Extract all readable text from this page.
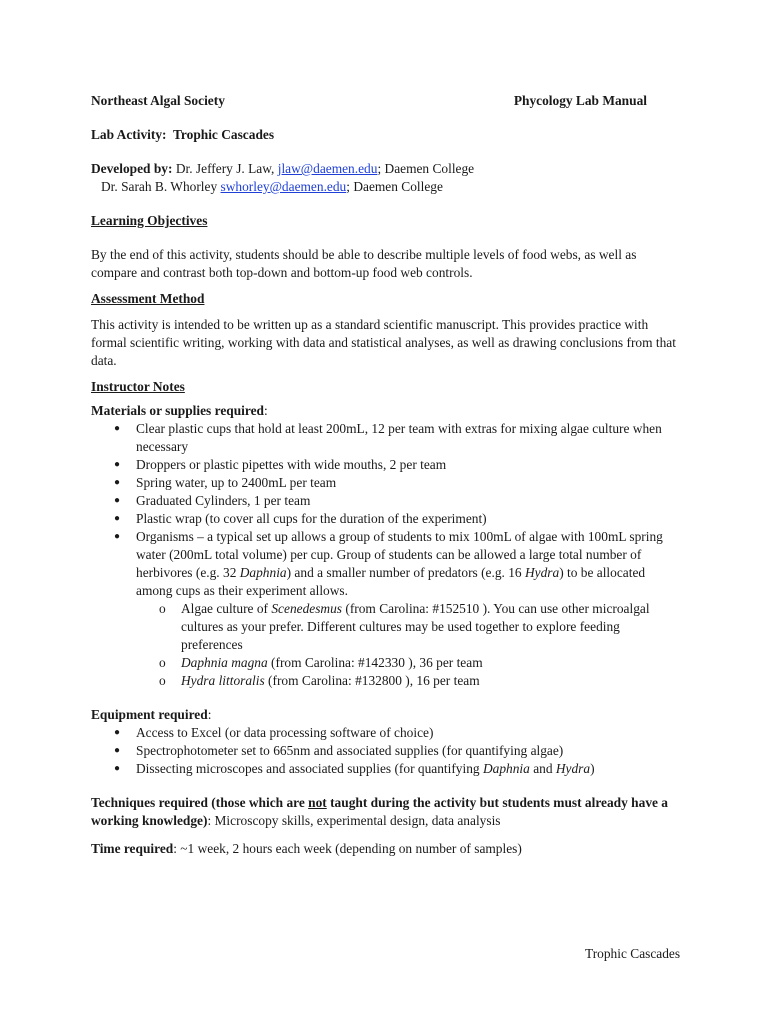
Northeast Algal Society	Phycology Lab Manual

Lab Activity: Trophic Cascades

Developed by: Dr. Jeffery J. Law, jlaw@daemen.edu; Daemen College

Dr. Sarah B. Whorley swhorley@daemen.edu; Daemen College

Learning Objectives

By the end of this activity, students should be able to describe multiple levels of food webs, as well as compare and contrast both top-down and bottom-up food web controls.

Assessment Method

This activity is intended to be written up as a standard scientific manuscript. This provides practice with formal scientific writing, working with data and statistical analyses, as well as drawing conclusions from that data.

Instructor Notes

Materials or supplies required:

● Clear plastic cups that hold at least 200mL, 12 per team with extras for mixing algae culture when necessary
● Droppers or plastic pipettes with wide mouths, 2 per team
● Spring water, up to 2400mL per team
● Graduated Cylinders, 1 per team
● Plastic wrap (to cover all cups for the duration of the experiment)
● Organisms – a typical set up allows a group of students to mix 100mL of algae with 100mL spring water (200mL total volume) per cup. Group of students can be allowed a large total number of herbivores (e.g. 32 Daphnia) and a smaller number of predators (e.g. 16 Hydra) to be allocated among cups as their experiment allows.
o Algae culture of Scenedesmus (from Carolina: #152510 ). You can use other microalgal cultures as your prefer. Different cultures may be used together to explore feeding preferences
o Daphnia magna (from Carolina: #142330 ), 36 per team
o Hydra littoralis (from Carolina: #132800 ), 16 per team

Equipment required:

● Access to Excel (or data processing software of choice)
● Spectrophotometer set to 665nm and associated supplies (for quantifying algae)
● Dissecting microscopes and associated supplies (for quantifying Daphnia and Hydra)

Techniques required (those which are not taught during the activity but students must already have a working knowledge): Microscopy skills, experimental design, data analysis

Time required: ~1 week, 2 hours each week (depending on number of samples)

Trophic Cascades
